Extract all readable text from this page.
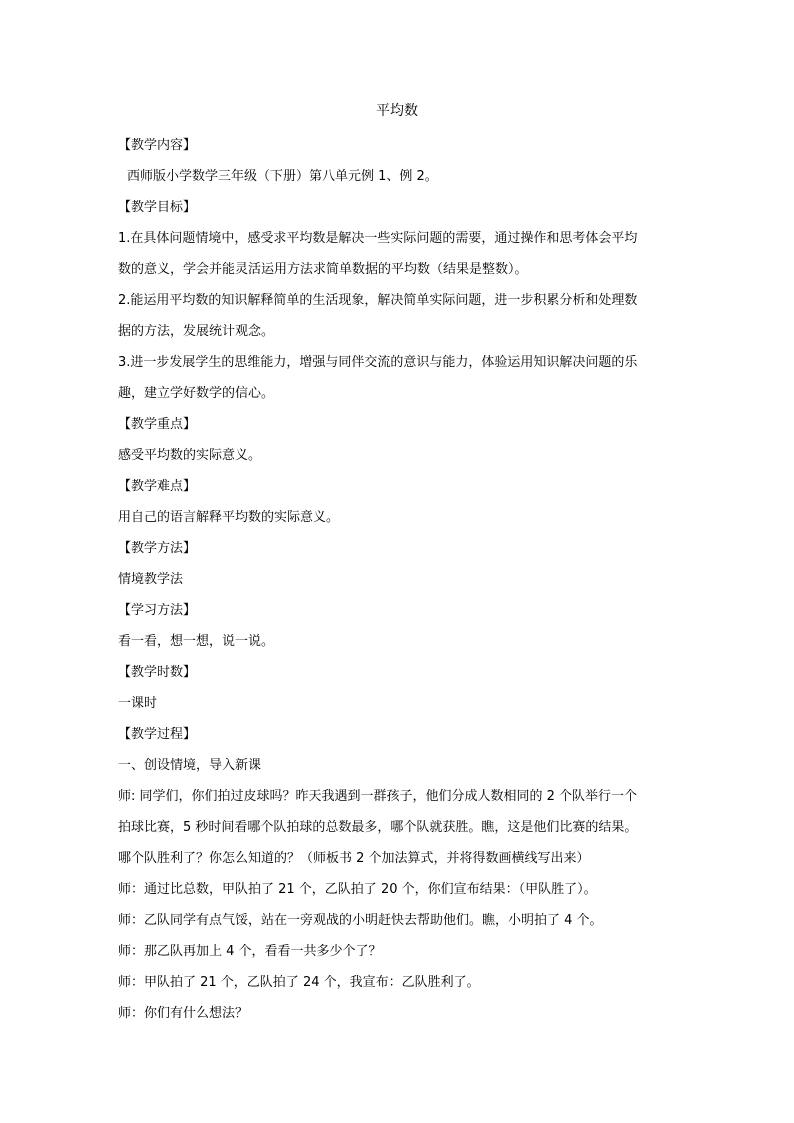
平均数
【教学内容】
西师版小学数学三年级（下册）第八单元例 1、例 2。
【教学目标】
1.在具体问题情境中，感受求平均数是解决一些实际问题的需要，通过操作和思考体会平均
数的意义，学会并能灵活运用方法求简单数据的平均数（结果是整数）。
2.能运用平均数的知识解释简单的生活现象，解决简单实际问题，进一步积累分析和处理数
据的方法，发展统计观念。
3.进一步发展学生的思维能力，增强与同伴交流的意识与能力，体验运用知识解决问题的乐
趣，建立学好数学的信心。
【教学重点】
感受平均数的实际意义。
【教学难点】
用自己的语言解释平均数的实际意义。
【教学方法】
情境教学法
【学习方法】
看一看，想一想，说一说。
【教学时数】
一课时
【教学过程】
一、创设情境，导入新课
师: 同学们，你们拍过皮球吗？昨天我遇到一群孩子，他们分成人数相同的 2 个队举行一个
拍球比赛，5 秒时间看哪个队拍球的总数最多，哪个队就获胜。瞧，这是他们比赛的结果。
哪个队胜利了？你怎么知道的？（师板书 2 个加法算式，并将得数画横线写出来）
师：通过比总数，甲队拍了 21 个，乙队拍了 20 个，你们宣布结果：（甲队胜了）。
师：乙队同学有点气馁，站在一旁观战的小明赶快去帮助他们。瞧，小明拍了 4 个。
师：那乙队再加上 4 个，看看一共多少个了？
师：甲队拍了 21 个，乙队拍了 24 个，我宣布：乙队胜利了。
师：你们有什么想法？
